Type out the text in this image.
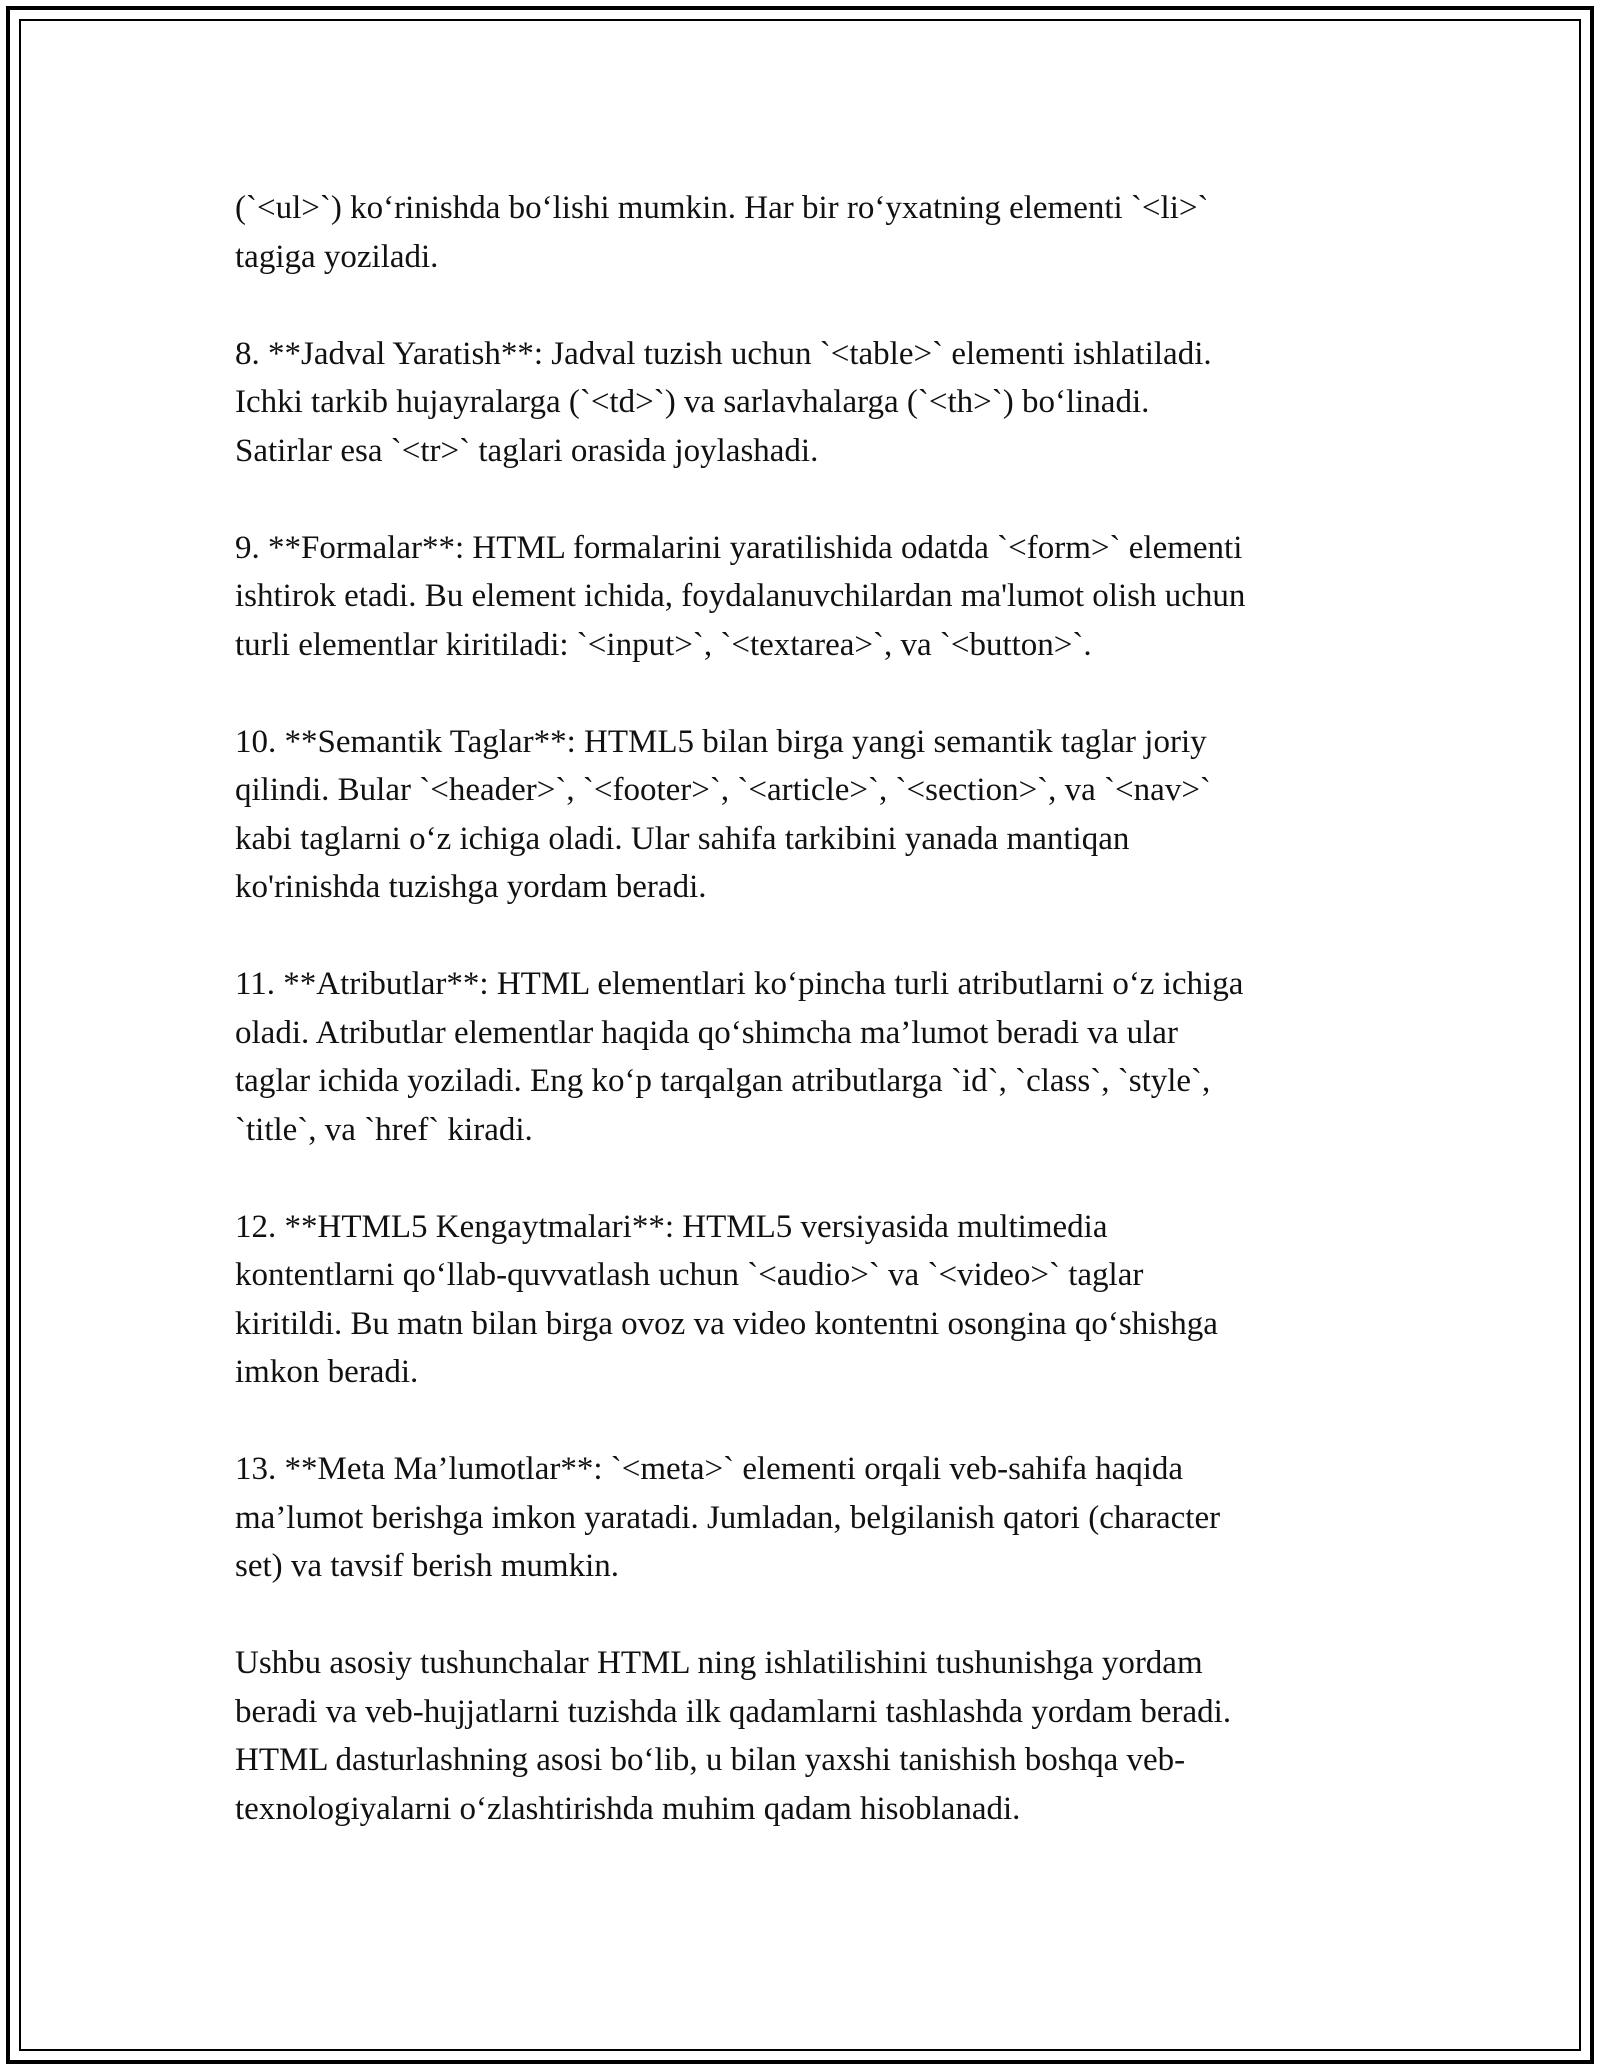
(`<ul>`) ko‘rinishda bo‘lishi mumkin. Har bir ro‘yxatning elementi `<li>`
tagiga yoziladi.

8. **Jadval Yaratish**: Jadval tuzish uchun `<table>` elementi ishlatiladi.
Ichki tarkib hujayralarga (`<td>`) va sarlavhalarga (`<th>`) bo‘linadi.
Satirlar esa `<tr>` taglari orasida joylashadi.

9. **Formalar**: HTML formalarini yaratilishida odatda `<form>` elementi
ishtirok etadi. Bu element ichida, foydalanuvchilardan ma'lumot olish uchun
turli elementlar kiritiladi: `<input>`, `<textarea>`, va `<button>`.

10. **Semantik Taglar**: HTML5 bilan birga yangi semantik taglar joriy
qilindi. Bular `<header>`, `<footer>`, `<article>`, `<section>`, va `<nav>`
kabi taglarni o‘z ichiga oladi. Ular sahifa tarkibini yanada mantiqan
ko'rinishda tuzishga yordam beradi.

11. **Atributlar**: HTML elementlari ko‘pincha turli atributlarni o‘z ichiga
oladi. Atributlar elementlar haqida qo‘shimcha ma’lumot beradi va ular
taglar ichida yoziladi. Eng ko‘p tarqalgan atributlarga `id`, `class`, `style`,
`title`, va `href` kiradi.

12. **HTML5 Kengaytmalari**: HTML5 versiyasida multimedia
kontentlarni qo‘llab-quvvatlash uchun `<audio>` va `<video>` taglar
kiritildi. Bu matn bilan birga ovoz va video kontentni osongina qo‘shishga
imkon beradi.

13. **Meta Ma’lumotlar**: `<meta>` elementi orqali veb-sahifa haqida
ma’lumot berishga imkon yaratadi. Jumladan, belgilanish qatori (character
set) va tavsif berish mumkin.

Ushbu asosiy tushunchalar HTML ning ishlatilishini tushunishga yordam
beradi va veb-hujjatlarni tuzishda ilk qadamlarni tashlashda yordam beradi.
HTML dasturlashning asosi bo‘lib, u bilan yaxshi tanishish boshqa veb-
texnologiyalarni o‘zlashtirishda muhim qadam hisoblanadi.
